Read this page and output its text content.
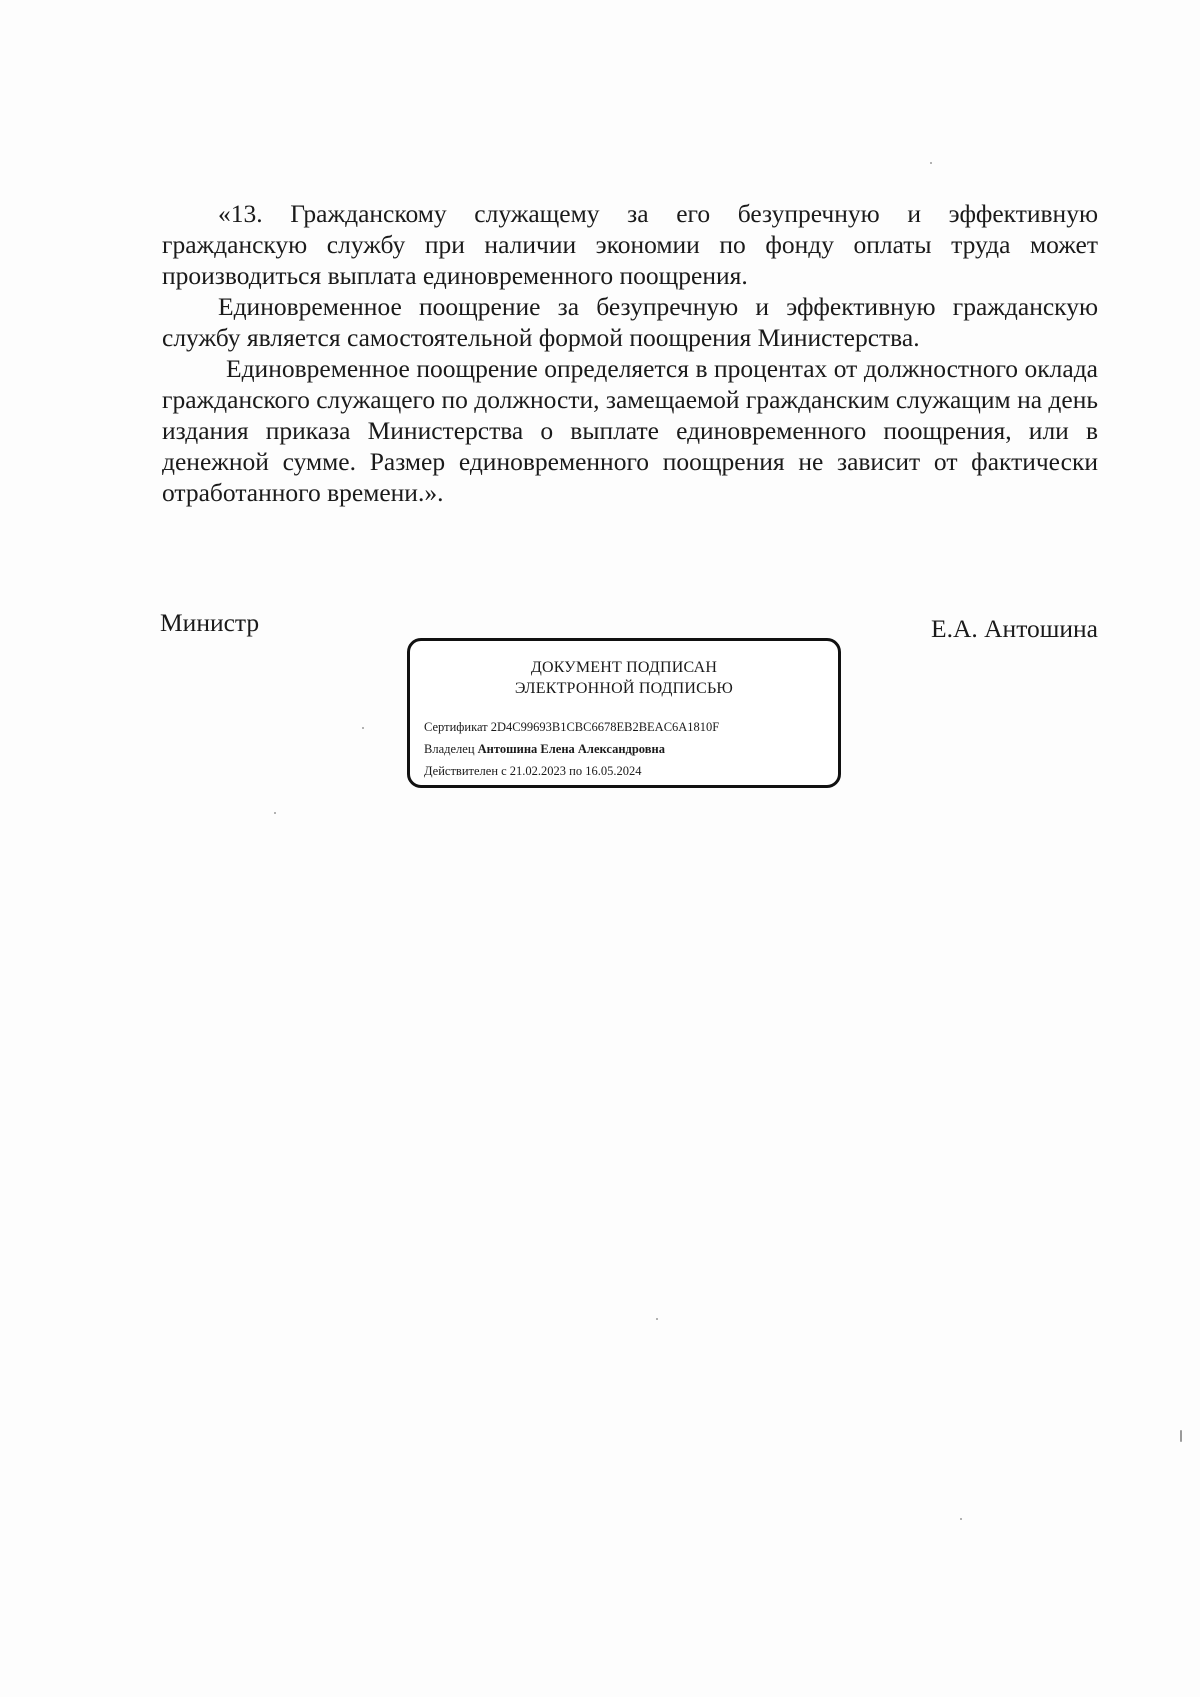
«13. Гражданскому служащему за его безупречную и эффективную гражданскую службу при наличии экономии по фонду оплаты труда может производиться выплата единовременного поощрения.

Единовременное поощрение за безупречную и эффективную гражданскую службу является самостоятельной формой поощрения Министерства.

Единовременное поощрение определяется в процентах от должностного оклада гражданского служащего по должности, замещаемой гражданским служащим на день издания приказа Министерства о выплате единовременного поощрения, или в денежной сумме. Размер единовременного поощрения не зависит от фактически отработанного времени.».

Министр	Е.А. Антошина
ДОКУМЕНТ ПОДПИСАН
ЭЛЕКТРОННОЙ ПОДПИСЬЮ
Сертификат 2D4C99693B1CBC6678EB2BEAC6A1810F
Владелец Антошина Елена Александровна
Действителен с 21.02.2023 по 16.05.2024
